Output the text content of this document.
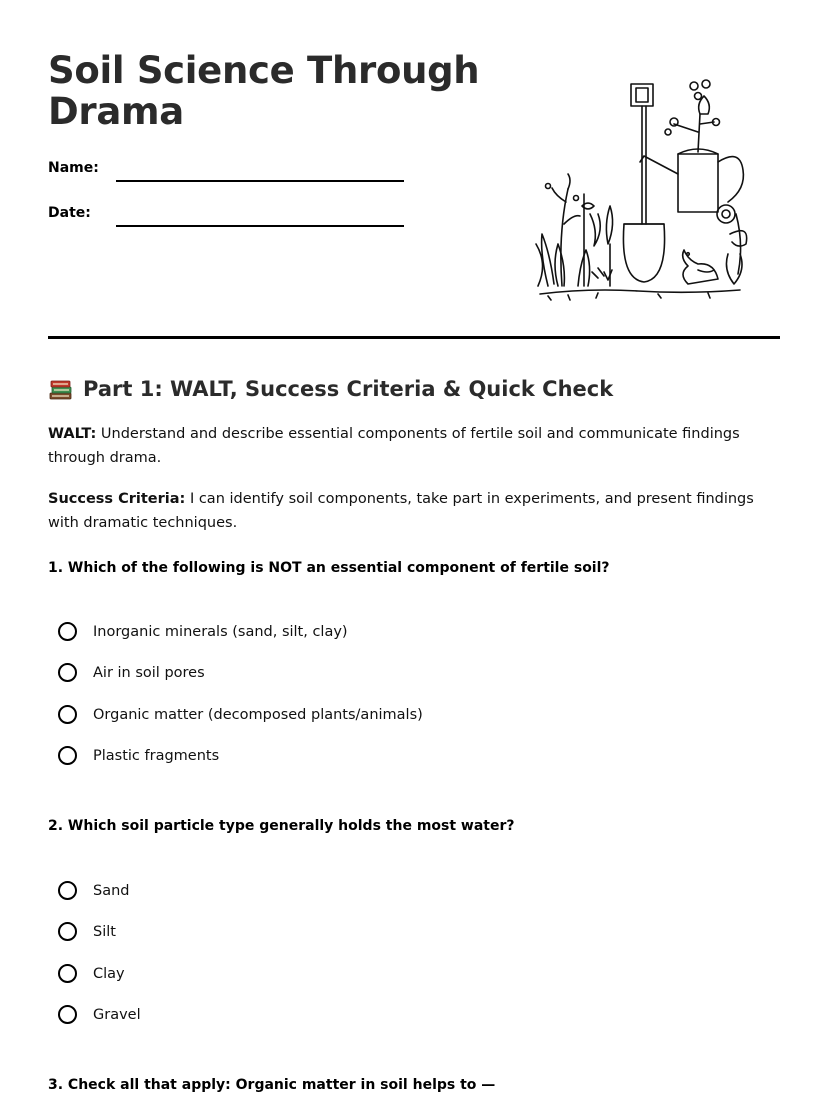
Soil Science Through Drama
Name:
Date:
Part 1: WALT, Success Criteria & Quick Check

WALT: Understand and describe essential components of fertile soil and communicate findings through drama.

Success Criteria: I can identify soil components, take part in experiments, and present findings with dramatic techniques.

1. Which of the following is NOT an essential component of fertile soil?

Inorganic minerals (sand, silt, clay)
Air in soil pores
Organic matter (decomposed plants/animals)
Plastic fragments

2. Which soil particle type generally holds the most water?

Sand
Silt
Clay
Gravel

3. Check all that apply: Organic matter in soil helps to —
